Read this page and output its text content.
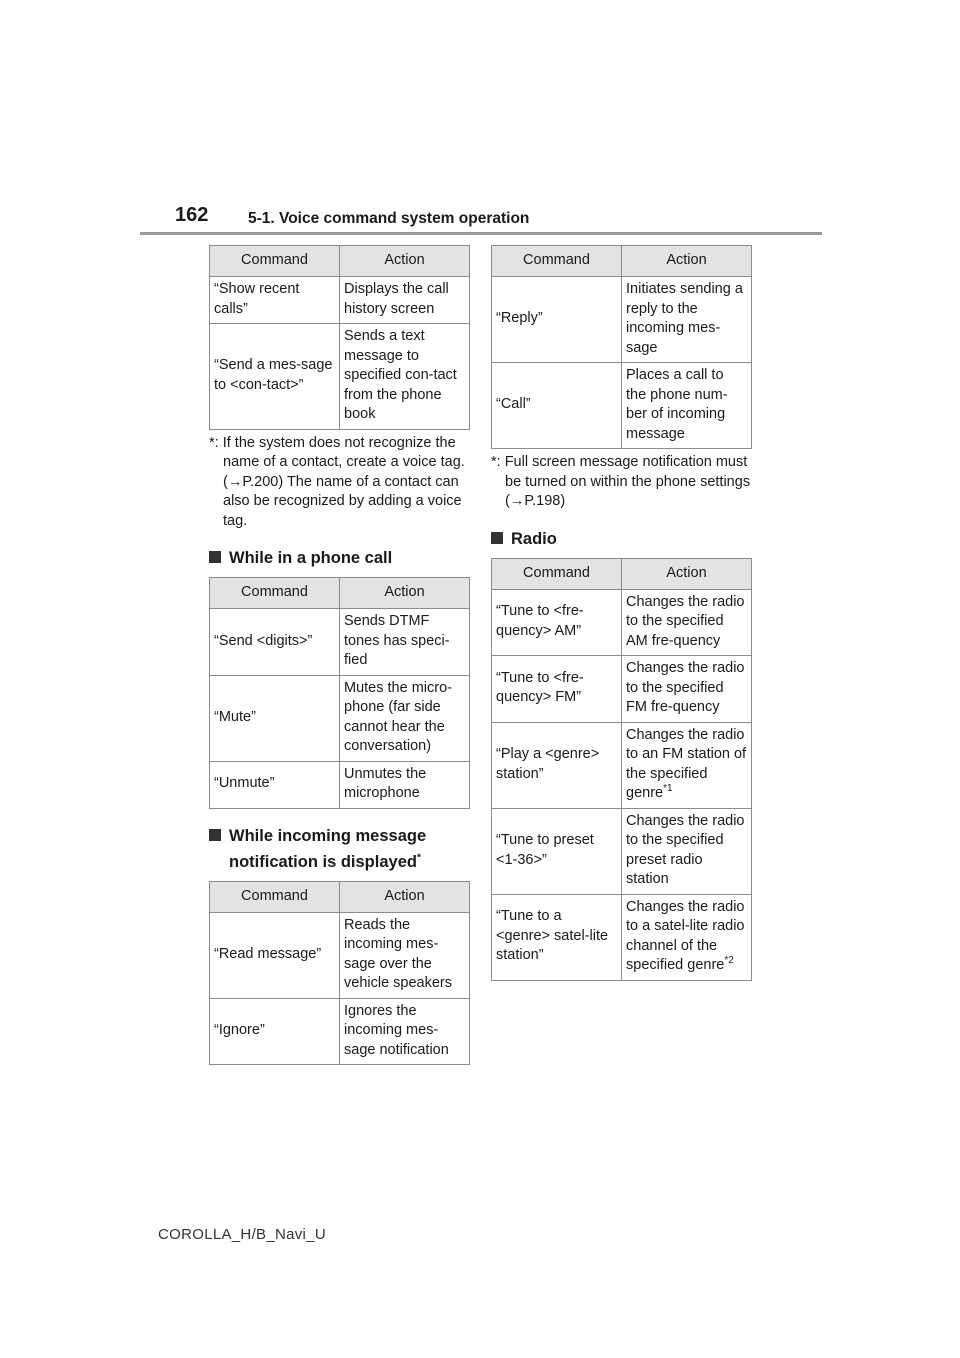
162	5-1. Voice command system operation
Command	Action
“Show recent calls”	Displays the call history screen
“Send a mes-sage to <con-tact>”	Sends a text message to specified con-tact from the phone book

*: If the system does not recognize the name of a contact, create a voice tag. (→P.200) The name of a contact can also be recognized by adding a voice tag.

While in a phone call
Command	Action
“Send <digits>”	Sends DTMF tones has speci-fied
“Mute”	Mutes the micro-phone (far side cannot hear the conversation)
“Unmute”	Unmutes the microphone
While incoming message notification is displayed*
Command	Action
“Read message”	Reads the incoming mes-sage over the vehicle speakers
“Ignore”	Ignores the incoming mes-sage notification
Command	Action
“Reply”	Initiates sending a reply to the incoming mes-sage
“Call”	Places a call to the phone num-ber of incoming message

*: Full screen message notification must be turned on within the phone settings (→P.198)

Radio
Command	Action
“Tune to <fre-quency> AM”	Changes the radio to the specified AM fre-quency
“Tune to <fre-quency> FM”	Changes the radio to the specified FM fre-quency
“Play a <genre> station”	Changes the radio to an FM station of the specified genre$^{*1}$
“Tune to preset <1-36>”	Changes the radio to the specified preset radio station
“Tune to a <genre> satel-lite station”	Changes the radio to a satel-lite radio channel of the specified genre$^{*2}$
COROLLA_H/B_Navi_U
